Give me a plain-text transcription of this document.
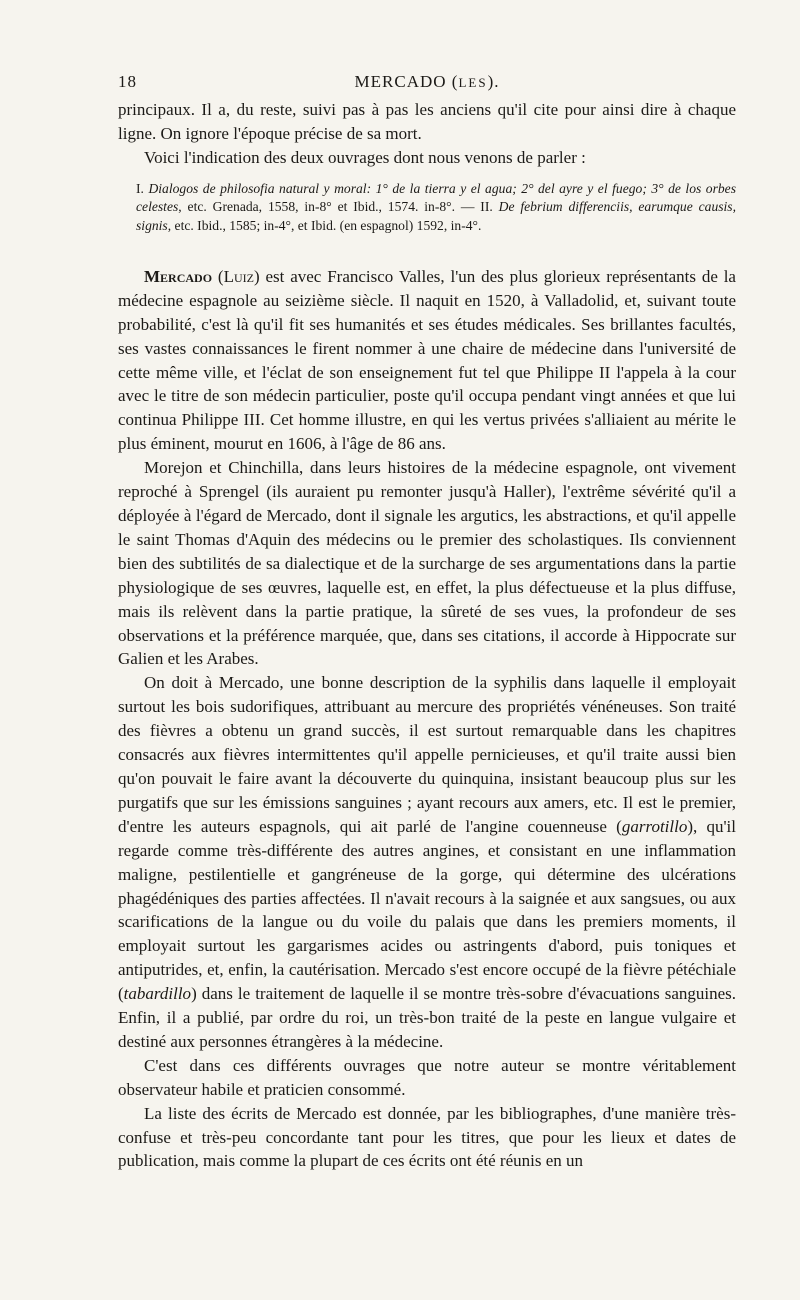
18	MERCADO (LES).

principaux. Il a, du reste, suivi pas à pas les anciens qu'il cite pour ainsi dire à chaque ligne. On ignore l'époque précise de sa mort.

Voici l'indication des deux ouvrages dont nous venons de parler :

I. Dialogos de philosofia natural y moral: 1° de la tierra y el agua; 2° del ayre y el fuego; 3° de los orbes celestes, etc. Grenada, 1558, in-8° et Ibid., 1574. in-8°. — II. De febrium differenciis, earumque causis, signis, etc. Ibid., 1585; in-4°, et Ibid. (en espagnol) 1592, in-4°.

Mercado (Luiz) est avec Francisco Valles, l'un des plus glorieux représentants de la médecine espagnole au seizième siècle. Il naquit en 1520, à Valladolid, et, suivant toute probabilité, c'est là qu'il fit ses humanités et ses études médicales. Ses brillantes facultés, ses vastes connaissances le firent nommer à une chaire de médecine dans l'université de cette même ville, et l'éclat de son enseignement fut tel que Philippe II l'appela à la cour avec le titre de son médecin particulier, poste qu'il occupa pendant vingt années et que lui continua Philippe III. Cet homme illustre, en qui les vertus privées s'alliaient au mérite le plus éminent, mourut en 1606, à l'âge de 86 ans.

Morejon et Chinchilla, dans leurs histoires de la médecine espagnole, ont vivement reproché à Sprengel (ils auraient pu remonter jusqu'à Haller), l'extrême sévérité qu'il a déployée à l'égard de Mercado, dont il signale les argutics, les abstractions, et qu'il appelle le saint Thomas d'Aquin des médecins ou le premier des scholastiques. Ils conviennent bien des subtilités de sa dialectique et de la surcharge de ses argumentations dans la partie physiologique de ses œuvres, laquelle est, en effet, la plus défectueuse et la plus diffuse, mais ils relèvent dans la partie pratique, la sûreté de ses vues, la profondeur de ses observations et la préférence marquée, que, dans ses citations, il accorde à Hippocrate sur Galien et les Arabes.

On doit à Mercado, une bonne description de la syphilis dans laquelle il employait surtout les bois sudorifiques, attribuant au mercure des propriétés vénéneuses. Son traité des fièvres a obtenu un grand succès, il est surtout remarquable dans les chapitres consacrés aux fièvres intermittentes qu'il appelle pernicieuses, et qu'il traite aussi bien qu'on pouvait le faire avant la découverte du quinquina, insistant beaucoup plus sur les purgatifs que sur les émissions sanguines ; ayant recours aux amers, etc. Il est le premier, d'entre les auteurs espagnols, qui ait parlé de l'angine couenneuse (garrotillo), qu'il regarde comme très-différente des autres angines, et consistant en une inflammation maligne, pestilentielle et gangréneuse de la gorge, qui détermine des ulcérations phagédéniques des parties affectées. Il n'avait recours à la saignée et aux sangsues, ou aux scarifications de la langue ou du voile du palais que dans les premiers moments, il employait surtout les gargarismes acides ou astringents d'abord, puis toniques et antiputrides, et, enfin, la cautérisation. Mercado s'est encore occupé de la fièvre pétéchiale (tabardillo) dans le traitement de laquelle il se montre très-sobre d'évacuations sanguines. Enfin, il a publié, par ordre du roi, un très-bon traité de la peste en langue vulgaire et destiné aux personnes étrangères à la médecine.

C'est dans ces différents ouvrages que notre auteur se montre véritablement observateur habile et praticien consommé.

La liste des écrits de Mercado est donnée, par les bibliographes, d'une manière très-confuse et très-peu concordante tant pour les titres, que pour les lieux et dates de publication, mais comme la plupart de ces écrits ont été réunis en un
